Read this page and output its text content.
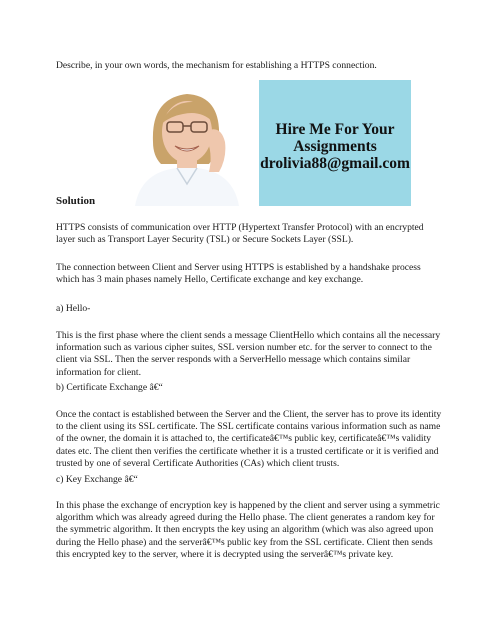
Describe, in your own words, the mechanism for establishing a HTTPS connection.
Hire Me For Your
Assignments
drolivia88@gmail.com
Solution
HTTPS consists of communication over HTTP (Hypertext Transfer Protocol) with an encrypted layer such as Transport Layer Security (TSL) or Secure Sockets Layer (SSL).
The connection between Client and Server using HTTPS is established by a handshake process which has 3 main phases namely Hello, Certificate exchange and key exchange.
a) Hello-
This is the first phase where the client sends a message ClientHello which contains all the necessary information such as various cipher suites, SSL version number etc. for the server to connect to the client via SSL. Then the server responds with a ServerHello message which contains similar information for client.
b) Certificate Exchange â€“
Once the contact is established between the Server and the Client, the server has to prove its identity to the client using its SSL certificate. The SSL certificate contains various information such as name of the owner, the domain it is attached to, the certificateâ€™s public key, certificateâ€™s validity dates etc. The client then verifies the certificate whether it is a trusted certificate or it is verified and trusted by one of several Certificate Authorities (CAs) which client trusts.
c) Key Exchange â€“
In this phase the exchange of encryption key is happened by the client and server using a symmetric algorithm which was already agreed during the Hello phase. The client generates a random key for the symmetric algorithm. It then encrypts the key using an algorithm (which was also agreed upon during the Hello phase) and the serverâ€™s public key from the SSL certificate. Client then sends this encrypted key to the server, where it is decrypted using the serverâ€™s private key.
